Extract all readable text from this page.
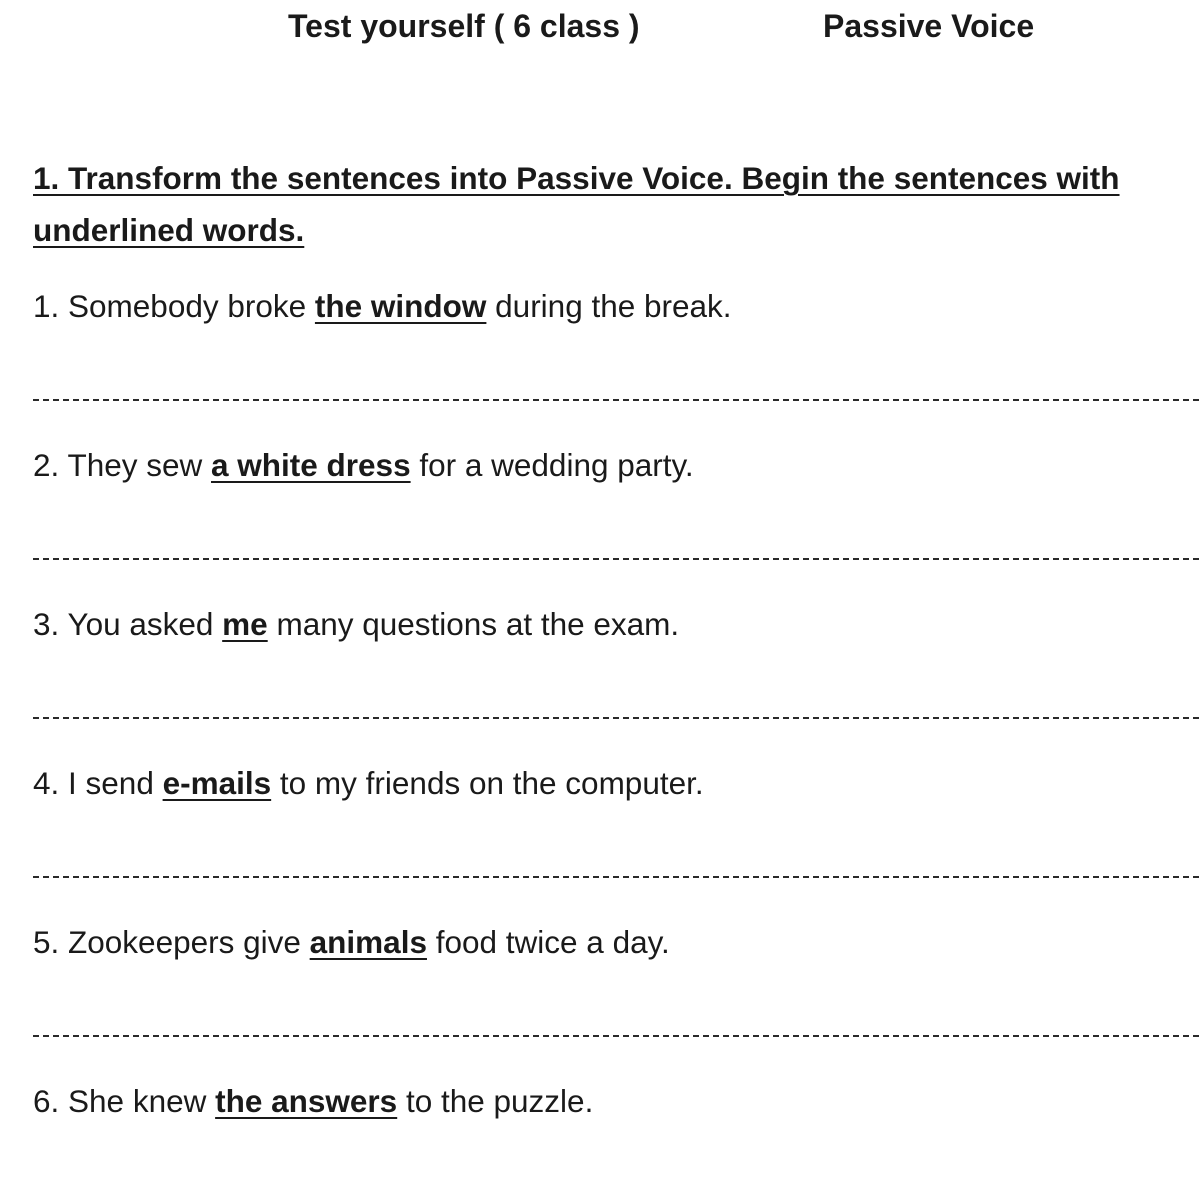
Test yourself ( 6 class )	Passive Voice
1. Transform the sentences into Passive Voice. Begin the sentences with underlined words.
1. Somebody broke the window during the break.
2. They sew a white dress for a wedding party.
3. You asked me many questions at the exam.
4. I send e-mails to my friends on the computer.
5. Zookeepers give animals food twice a day.
6. She knew the answers to the puzzle.
